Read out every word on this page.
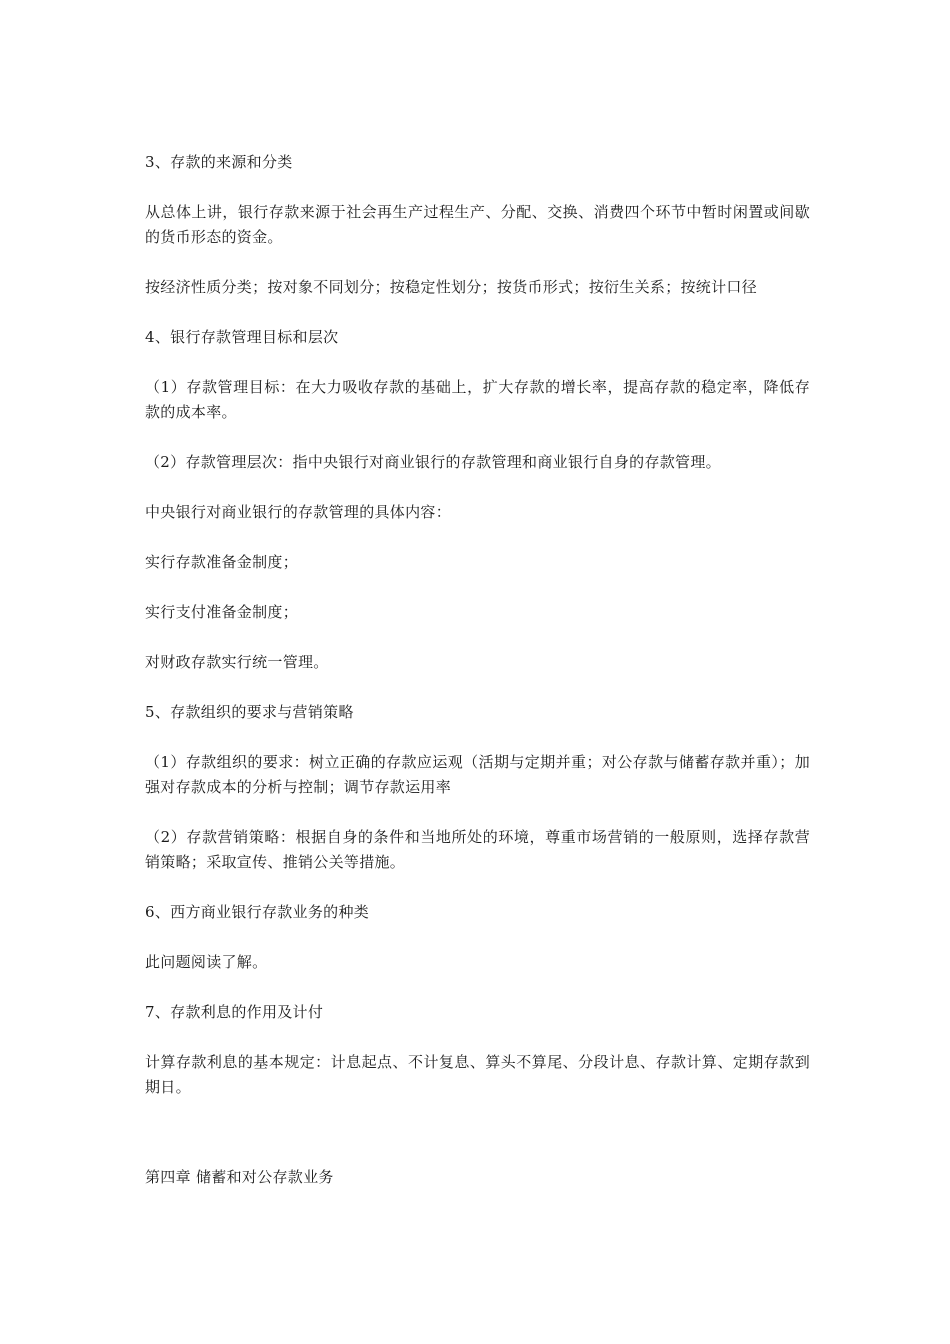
3、存款的来源和分类

从总体上讲，银行存款来源于社会再生产过程生产、分配、交换、消费四个环节中暂时闲置或间歇的货币形态的资金。

按经济性质分类；按对象不同划分；按稳定性划分；按货币形式；按衍生关系；按统计口径

4、银行存款管理目标和层次

（1）存款管理目标：在大力吸收存款的基础上，扩大存款的增长率，提高存款的稳定率，降低存款的成本率。

（2）存款管理层次：指中央银行对商业银行的存款管理和商业银行自身的存款管理。

中央银行对商业银行的存款管理的具体内容：

实行存款准备金制度；

实行支付准备金制度；

对财政存款实行统一管理。

5、存款组织的要求与营销策略

（1）存款组织的要求：树立正确的存款应运观（活期与定期并重；对公存款与储蓄存款并重）；加强对存款成本的分析与控制；调节存款运用率

（2）存款营销策略：根据自身的条件和当地所处的环境，尊重市场营销的一般原则，选择存款营销策略；采取宣传、推销公关等措施。

6、西方商业银行存款业务的种类

此问题阅读了解。

7、存款利息的作用及计付

计算存款利息的基本规定：计息起点、不计复息、算头不算尾、分段计息、存款计算、定期存款到期日。

第四章 储蓄和对公存款业务
